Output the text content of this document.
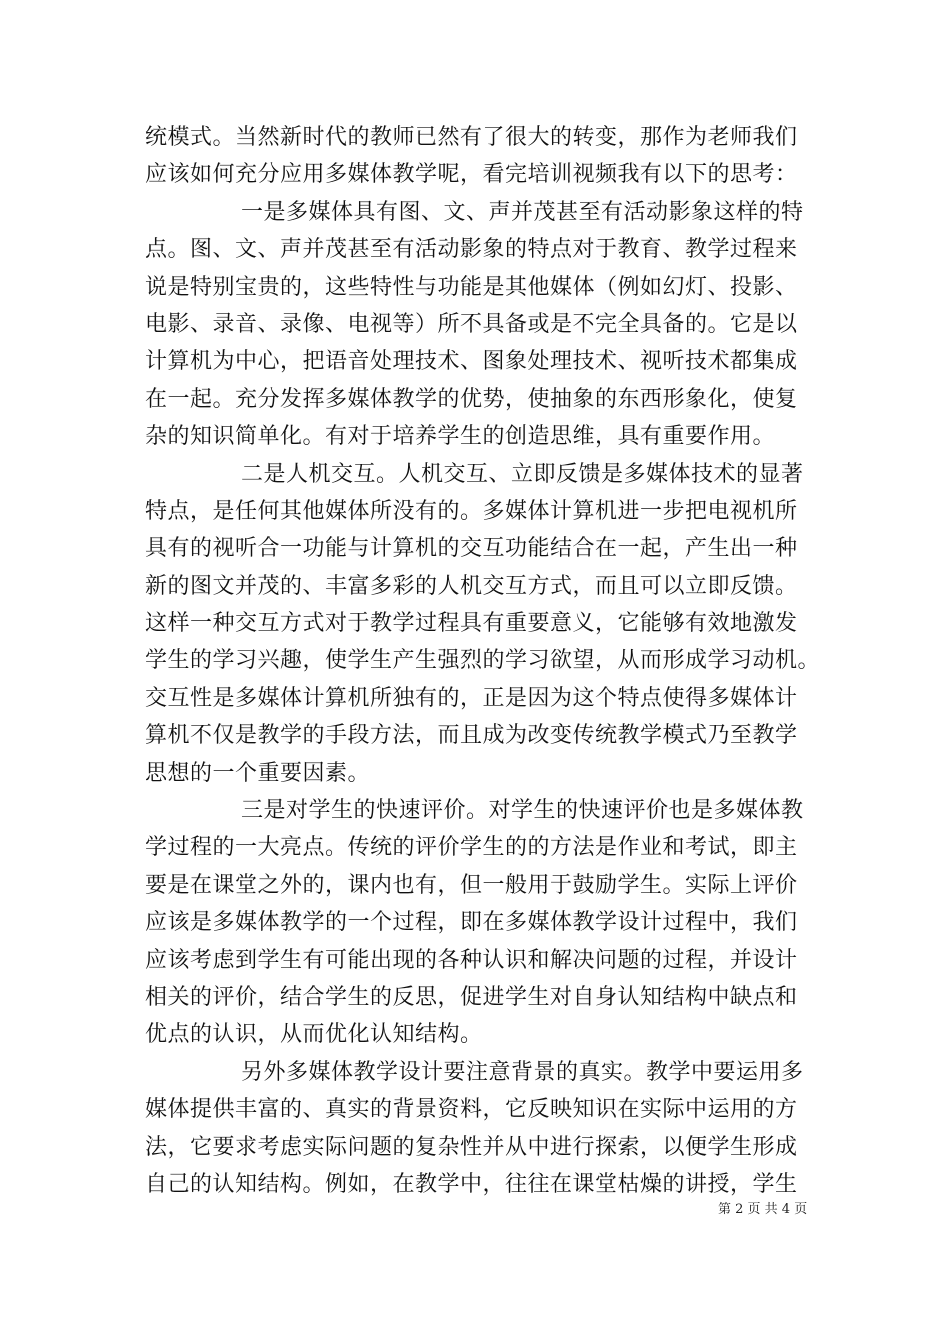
统模式。当然新时代的教师已然有了很大的转变，那作为老师我们
应该如何充分应用多媒体教学呢，看完培训视频我有以下的思考：
一是多媒体具有图、文、声并茂甚至有活动影象这样的特
点。图、文、声并茂甚至有活动影象的特点对于教育、教学过程来
说是特别宝贵的，这些特性与功能是其他媒体（例如幻灯、投影、
电影、录音、录像、电视等）所不具备或是不完全具备的。它是以
计算机为中心，把语音处理技术、图象处理技术、视听技术都集成
在一起。充分发挥多媒体教学的优势，使抽象的东西形象化，使复
杂的知识简单化。有对于培养学生的创造思维，具有重要作用。
二是人机交互。人机交互、立即反馈是多媒体技术的显著
特点，是任何其他媒体所没有的。多媒体计算机进一步把电视机所
具有的视听合一功能与计算机的交互功能结合在一起，产生出一种
新的图文并茂的、丰富多彩的人机交互方式，而且可以立即反馈。
这样一种交互方式对于教学过程具有重要意义，它能够有效地激发
学生的学习兴趣，使学生产生强烈的学习欲望，从而形成学习动机。
交互性是多媒体计算机所独有的，正是因为这个特点使得多媒体计
算机不仅是教学的手段方法，而且成为改变传统教学模式乃至教学
思想的一个重要因素。
三是对学生的快速评价。对学生的快速评价也是多媒体教
学过程的一大亮点。传统的评价学生的的方法是作业和考试，即主
要是在课堂之外的，课内也有，但一般用于鼓励学生。实际上评价
应该是多媒体教学的一个过程，即在多媒体教学设计过程中，我们
应该考虑到学生有可能出现的各种认识和解决问题的过程，并设计
相关的评价，结合学生的反思，促进学生对自身认知结构中缺点和
优点的认识，从而优化认知结构。
另外多媒体教学设计要注意背景的真实。教学中要运用多
媒体提供丰富的、真实的背景资料，它反映知识在实际中运用的方
法，它要求考虑实际问题的复杂性并从中进行探索，以便学生形成
自己的认知结构。例如，在教学中，往往在课堂枯燥的讲授，学生
第 2 页 共 4 页
